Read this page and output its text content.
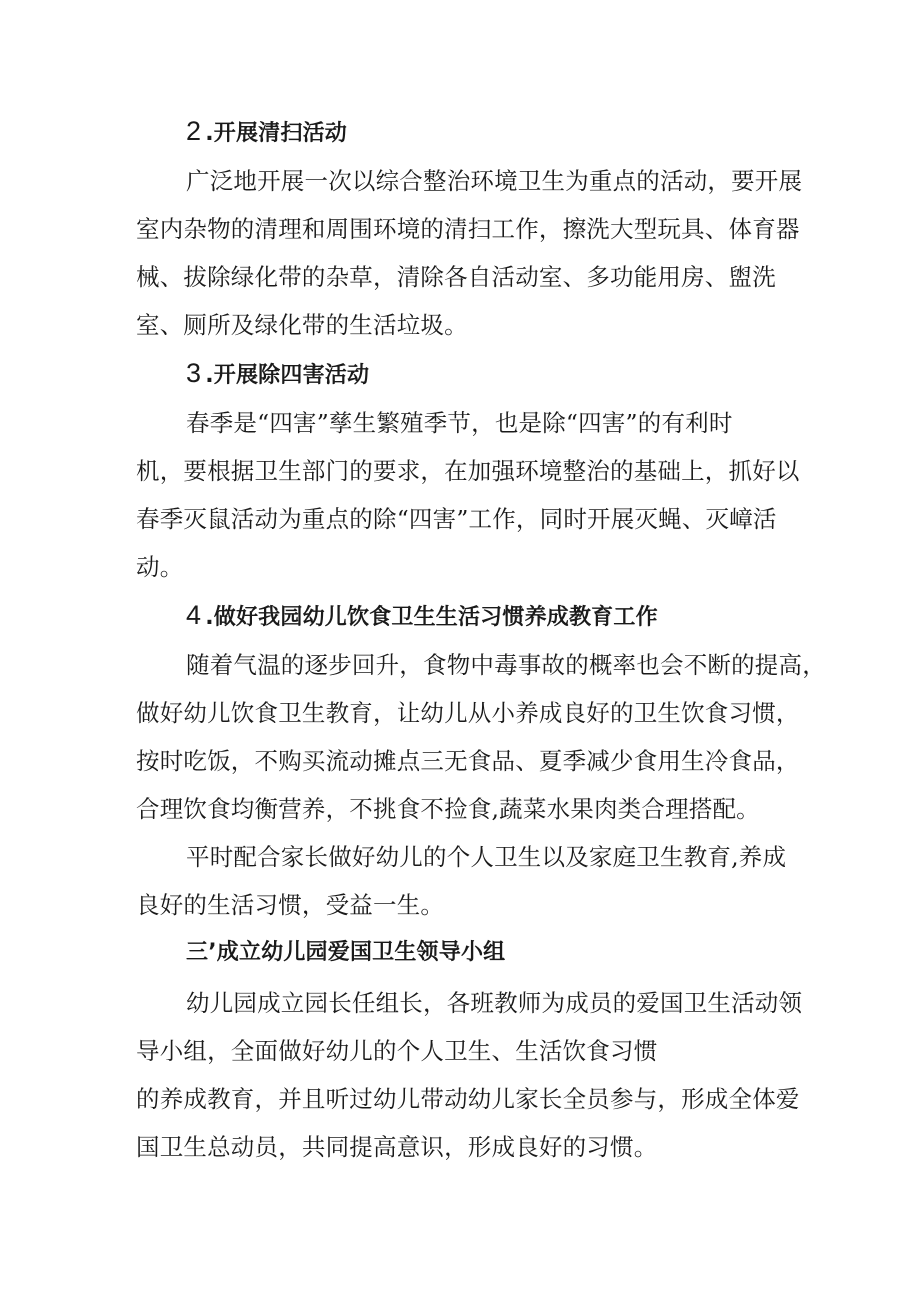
2 .开展清扫活动
广泛地开展一次以综合整治环境卫生为重点的活动，要开展
室内杂物的清理和周围环境的清扫工作，擦洗大型玩具、体育器
械、拔除绿化带的杂草，清除各自活动室、多功能用房、盥洗
室、厕所及绿化带的生活垃圾。
3 .开展除四害活动
春季是“四害”孳生繁殖季节，也是除“四害”的有利时
机，要根据卫生部门的要求，在加强环境整治的基础上，抓好以
春季灭鼠活动为重点的除“四害”工作，同时开展灭蝇、灭嶂活
动。
4 .做好我园幼儿饮食卫生生活习惯养成教育工作
随着气温的逐步回升，食物中毒事故的概率也会不断的提高，
做好幼儿饮食卫生教育，让幼儿从小养成良好的卫生饮食习惯，
按时吃饭，不购买流动摊点三无食品、夏季减少食用生冷食品，
合理饮食均衡营养，不挑食不捡食,蔬菜水果肉类合理搭配。
平时配合家长做好幼儿的个人卫生以及家庭卫生教育,养成
良好的生活习惯，受益一生。
三’成立幼儿园爱国卫生领导小组
幼儿园成立园长任组长，各班教师为成员的爱国卫生活动领
导小组，全面做好幼儿的个人卫生、生活饮食习惯
的养成教育，并且听过幼儿带动幼儿家长全员参与，形成全体爱
国卫生总动员，共同提高意识，形成良好的习惯。
